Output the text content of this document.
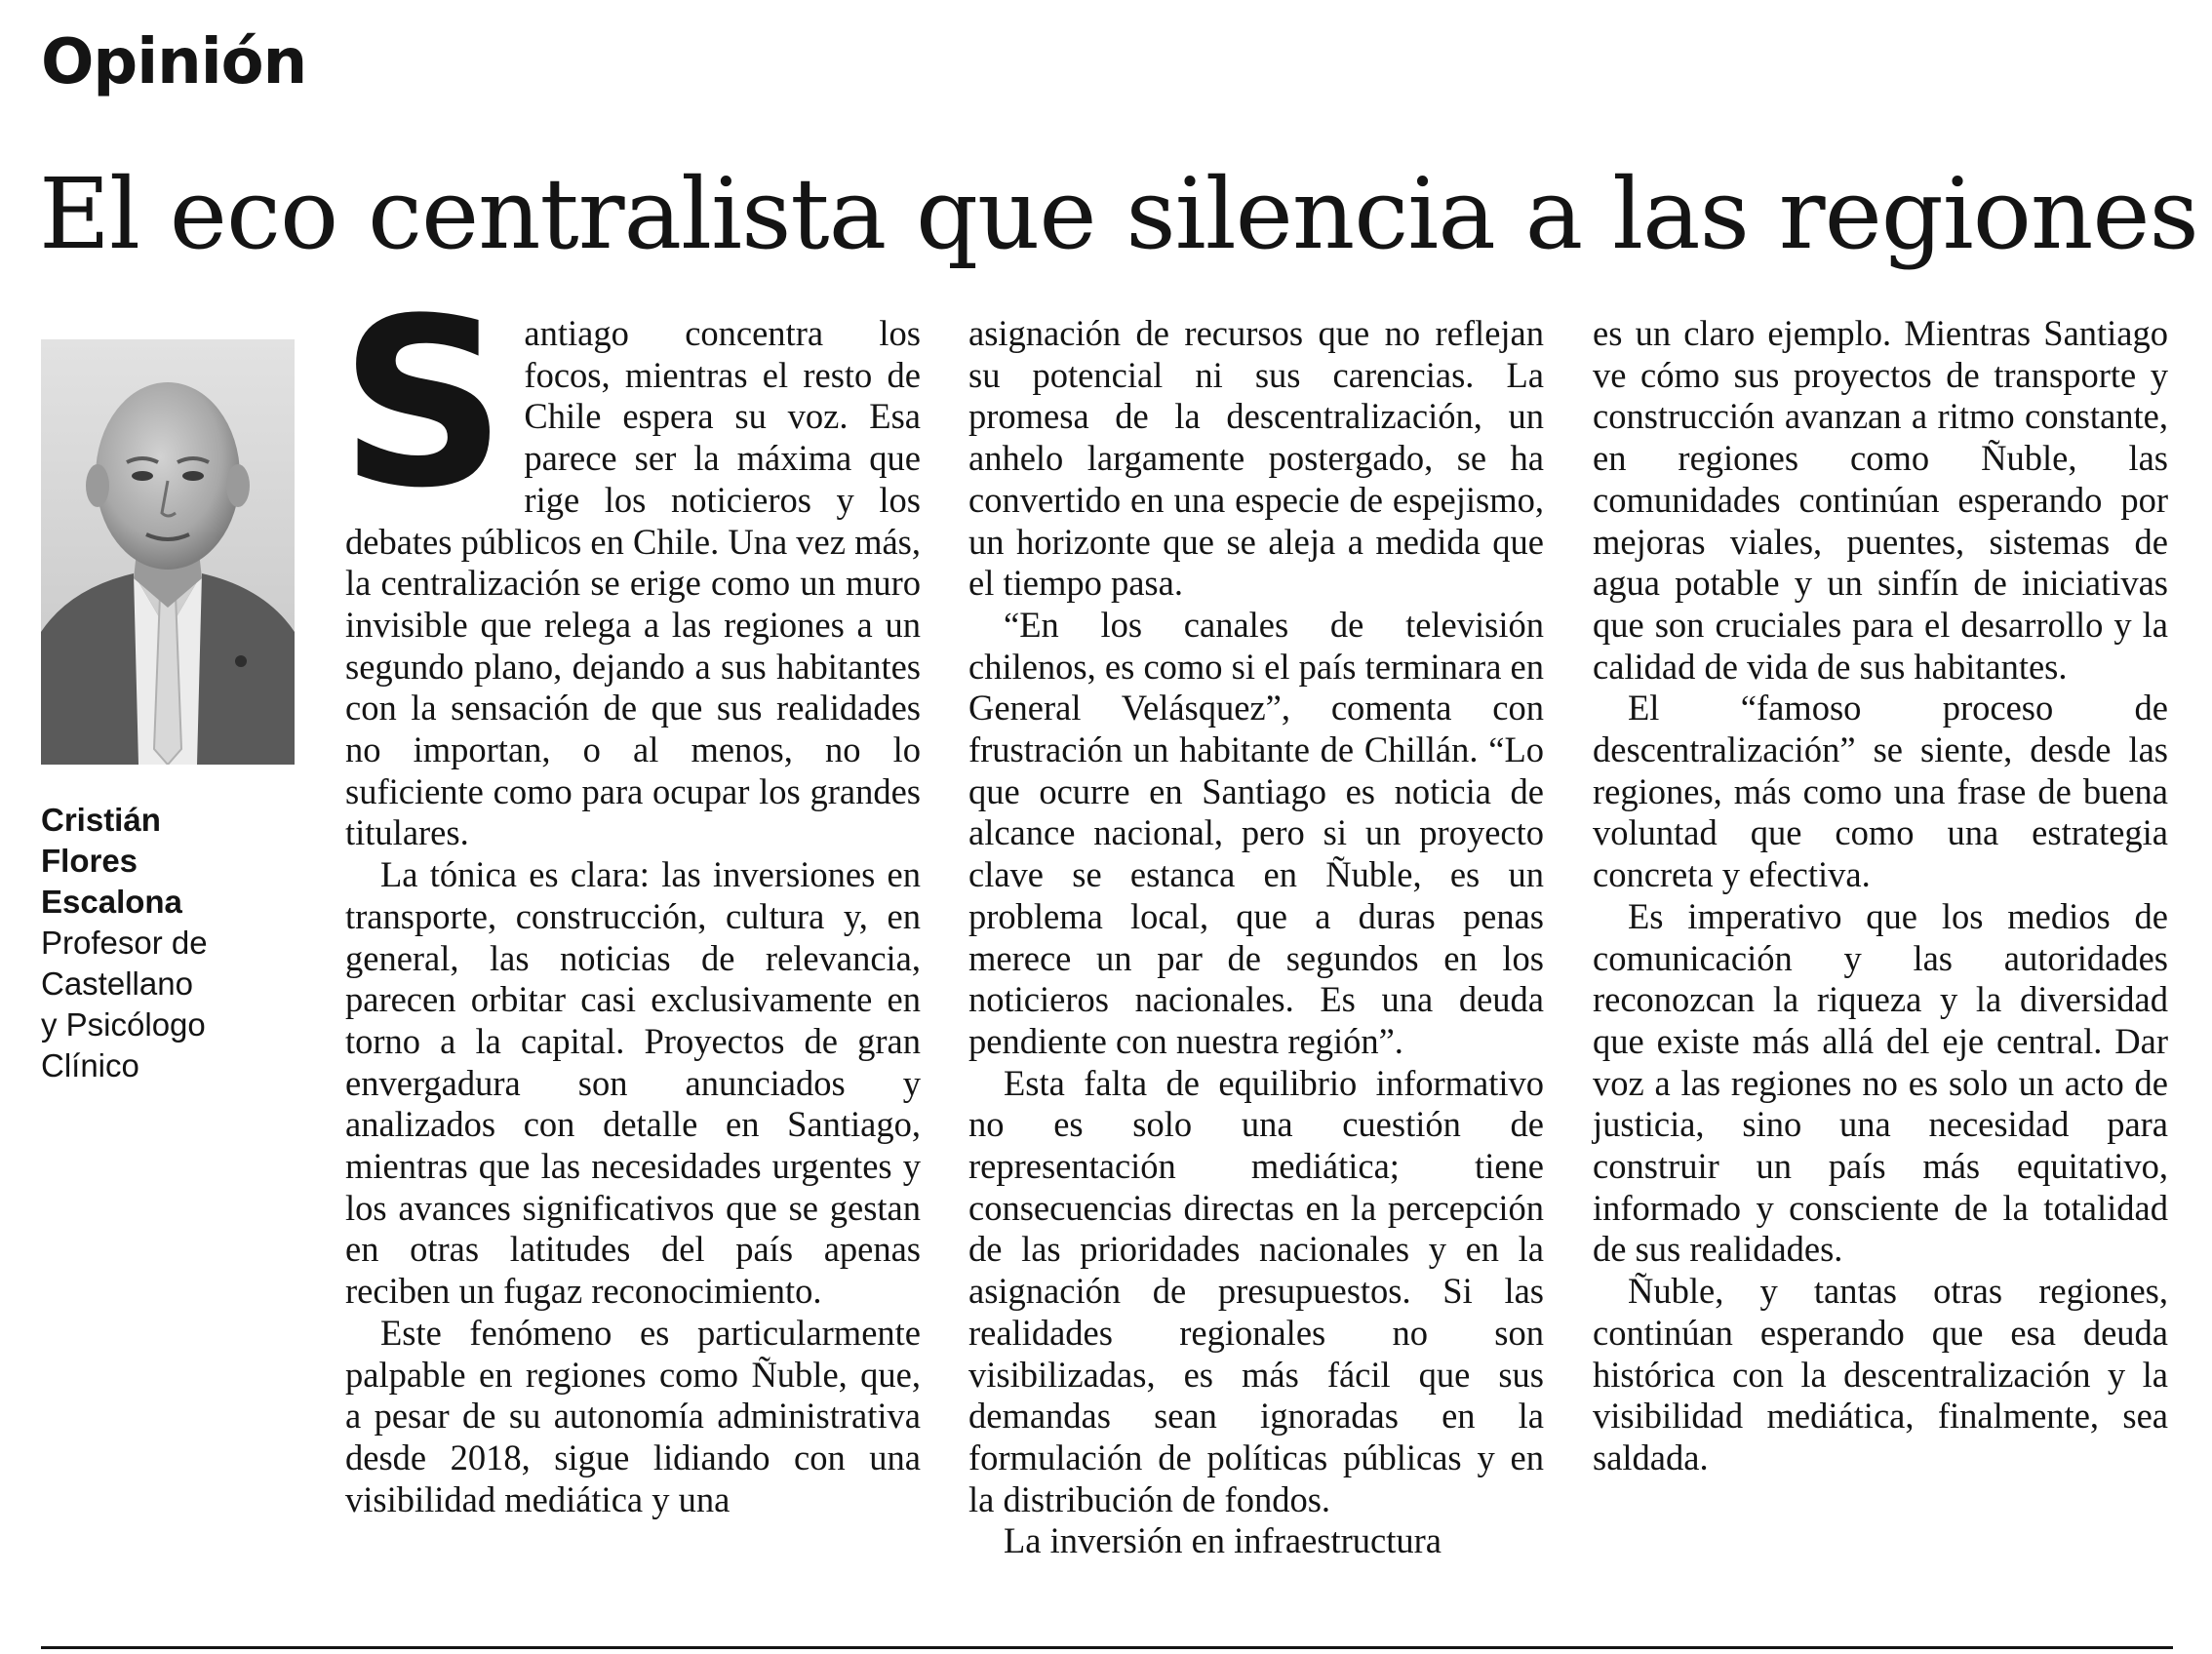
Opinión
El eco centralista que silencia a las regiones
Cristián
Flores
Escalona
Profesor de
Castellano
y Psicólogo
Clínico

Santiago concentra los focos, mientras el resto de Chile espera su voz. Esa parece ser la máxima que rige los noticieros y los debates públicos en Chile. Una vez más, la centralización se erige como un muro invisible que relega a las regiones a un segundo plano, dejando a sus habitantes con la sensación de que sus realidades no importan, o al menos, no lo suficiente como para ocupar los grandes titulares.

La tónica es clara: las inversiones en transporte, construcción, cultura y, en general, las noticias de relevancia, parecen orbitar casi exclusivamente en torno a la capital. Proyectos de gran envergadura son anunciados y analizados con detalle en Santiago, mientras que las necesidades urgentes y los avances significativos que se gestan en otras latitudes del país apenas reciben un fugaz reconocimiento.

Este fenómeno es particularmente palpable en regiones como Ñuble, que, a pesar de su autonomía administrativa desde 2018, sigue lidiando con una visibilidad mediática y una

asignación de recursos que no reflejan su potencial ni sus carencias. La promesa de la descentralización, un anhelo largamente postergado, se ha convertido en una especie de espejismo, un horizonte que se aleja a medida que el tiempo pasa.

“En los canales de televisión chilenos, es como si el país terminara en General Velásquez”, comenta con frustración un habitante de Chillán. “Lo que ocurre en Santiago es noticia de alcance nacional, pero si un proyecto clave se estanca en Ñuble, es un problema local, que a duras penas merece un par de segundos en los noticieros nacionales. Es una deuda pendiente con nuestra región”.

Esta falta de equilibrio informativo no es solo una cuestión de representación mediática; tiene consecuencias directas en la percepción de las prioridades nacionales y en la asignación de presupuestos. Si las realidades regionales no son visibilizadas, es más fácil que sus demandas sean ignoradas en la formulación de políticas públicas y en la distribución de fondos.

La inversión en infraestructura

es un claro ejemplo. Mientras Santiago ve cómo sus proyectos de transporte y construcción avanzan a ritmo constante, en regiones como Ñuble, las comunidades continúan esperando por mejoras viales, puentes, sistemas de agua potable y un sinfín de iniciativas que son cruciales para el desarrollo y la calidad de vida de sus habitantes.

El “famoso proceso de descentralización” se siente, desde las regiones, más como una frase de buena voluntad que como una estrategia concreta y efectiva.

Es imperativo que los medios de comunicación y las autoridades reconozcan la riqueza y la diversidad que existe más allá del eje central. Dar voz a las regiones no es solo un acto de justicia, sino una necesidad para construir un país más equitativo, informado y consciente de la totalidad de sus realidades.

Ñuble, y tantas otras regiones, continúan esperando que esa deuda histórica con la descentralización y la visibilidad mediática, finalmente, sea saldada.
